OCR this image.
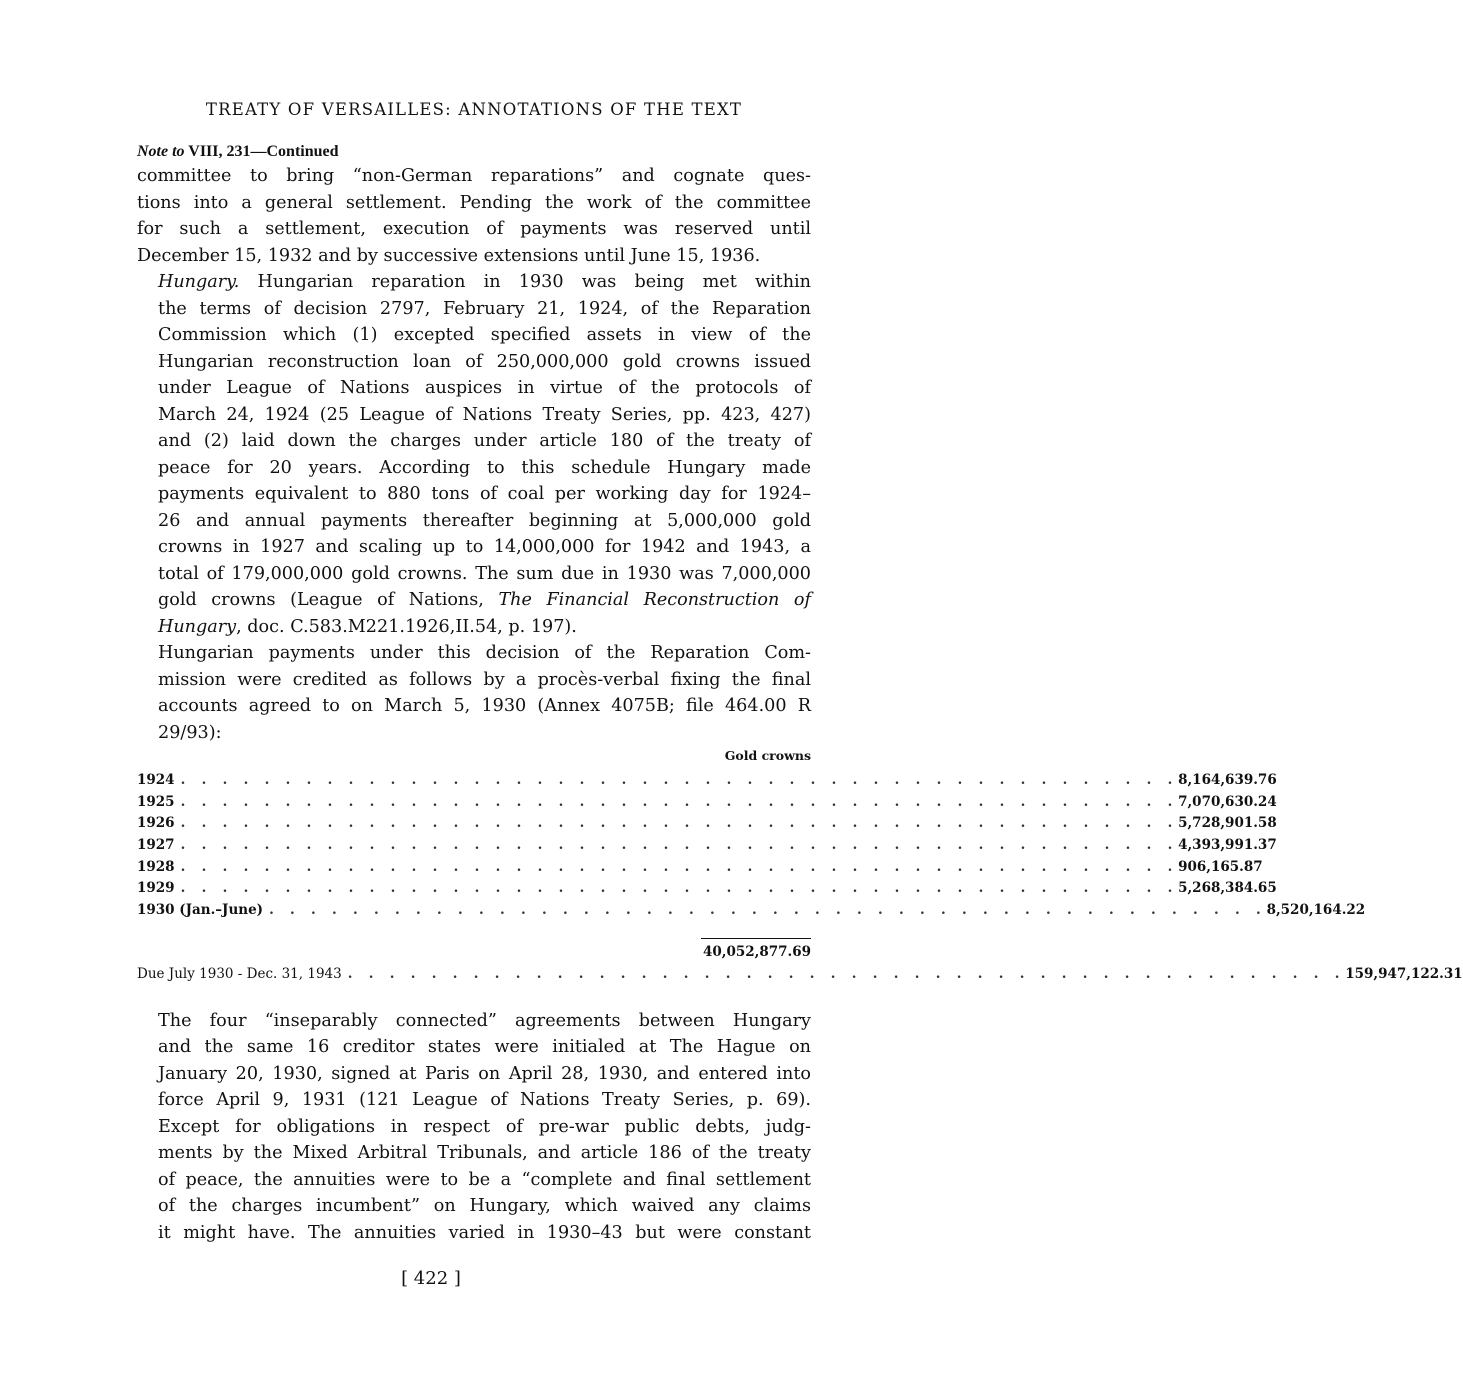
TREATY OF VERSAILLES: ANNOTATIONS OF THE TEXT
Note to VIII, 231—Continued

committee to bring “non-German reparations” and cognate ques-
tions into a general settlement. Pending the work of the committee
for such a settlement, execution of payments was reserved until
December 15, 1932 and by successive extensions until June 15, 1936.

Hungary. Hungarian reparation in 1930 was being met within
the terms of decision 2797, February 21, 1924, of the Reparation
Commission which (1) excepted specified assets in view of the
Hungarian reconstruction loan of 250,000,000 gold crowns issued
under League of Nations auspices in virtue of the protocols of
March 24, 1924 (25 League of Nations Treaty Series, pp. 423, 427)
and (2) laid down the charges under article 180 of the treaty of
peace for 20 years. According to this schedule Hungary made
payments equivalent to 880 tons of coal per working day for 1924–
26 and annual payments thereafter beginning at 5,000,000 gold
crowns in 1927 and scaling up to 14,000,000 for 1942 and 1943, a
total of 179,000,000 gold crowns. The sum due in 1930 was 7,000,000
gold crowns (League of Nations, The Financial Reconstruction of
Hungary, doc. C.583.M221.1926,II.54, p. 197).

Hungarian payments under this decision of the Reparation Com-
mission were credited as follows by a procès-verbal fixing the final
accounts agreed to on March 5, 1930 (Annex 4075B; file 464.00 R
29/93):

Gold crowns
1924 . . . . . . . . . . . . . . . . . . . . . . . . . . . . . . . . . . . . . . . . . . . . . . . . 8,164,639.76
1925 . . . . . . . . . . . . . . . . . . . . . . . . . . . . . . . . . . . . . . . . . . . . . . . . 7,070,630.24
1926 . . . . . . . . . . . . . . . . . . . . . . . . . . . . . . . . . . . . . . . . . . . . . . . . 5,728,901.58
1927 . . . . . . . . . . . . . . . . . . . . . . . . . . . . . . . . . . . . . . . . . . . . . . . . 4,393,991.37
1928 . . . . . . . . . . . . . . . . . . . . . . . . . . . . . . . . . . . . . . . . . . . . . . . . 906,165.87
1929 . . . . . . . . . . . . . . . . . . . . . . . . . . . . . . . . . . . . . . . . . . . . . . . . 5,268,384.65
1930 (Jan.–June) . . . . . . . . . . . . . . . . . . . . . . . . . . . . . . . . . . . . . . . . . . . . . . . . 8,520,164.22
40,052,877.69
Due July 1930 - Dec. 31, 1943 . . . . . . . . . . . . . . . . . . . . . . . . . . . . . . . . . . . . . . . . . . . . . . . . 159,947,122.31

The four “inseparably connected” agreements between Hungary
and the same 16 creditor states were initialed at The Hague on
January 20, 1930, signed at Paris on April 28, 1930, and entered into
force April 9, 1931 (121 League of Nations Treaty Series, p. 69).
Except for obligations in respect of pre-war public debts, judg-
ments by the Mixed Arbitral Tribunals, and article 186 of the treaty
of peace, the annuities were to be a “complete and final settlement
of the charges incumbent” on Hungary, which waived any claims
it might have. The annuities varied in 1930–43 but were constant

[ 422 ]
